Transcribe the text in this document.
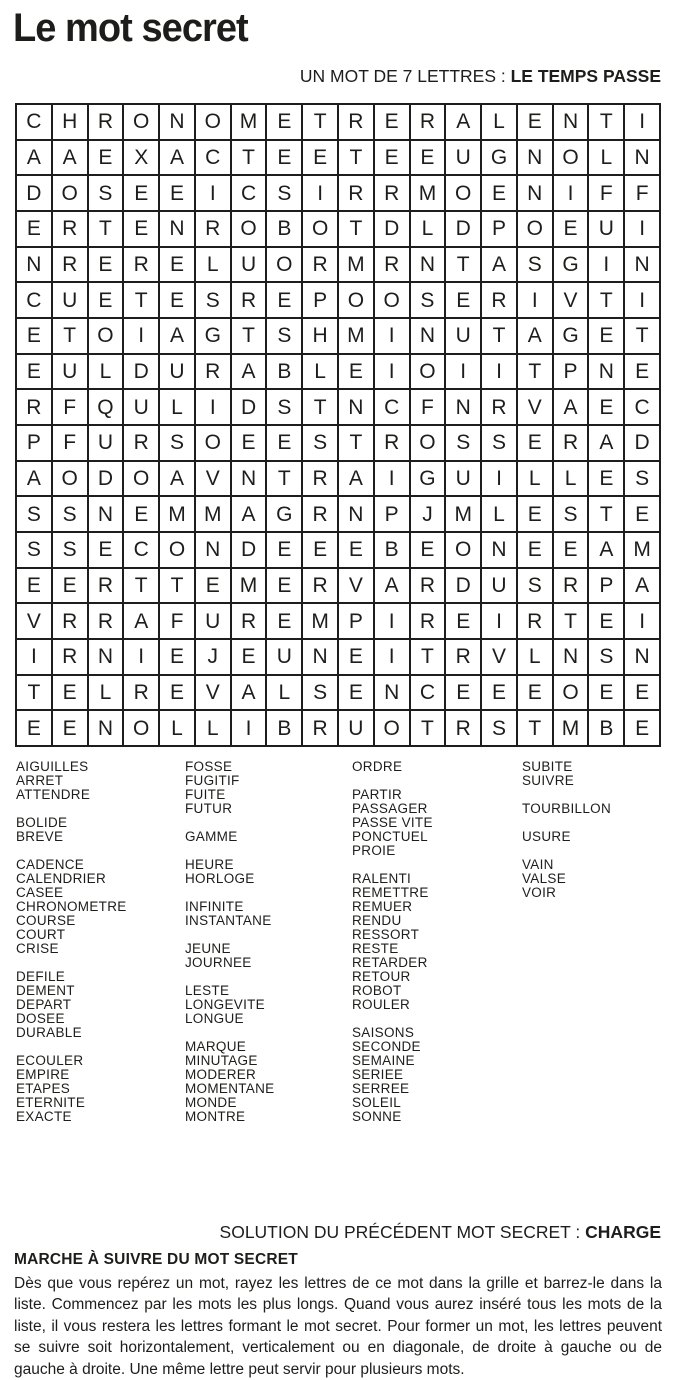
Le mot secret
UN MOT DE 7 LETTRES : LE TEMPS PASSE
C H R O N O M E	T	R	E	R	A	L	E	N	T	I
A	A	E	X	A	C	T	E	E	T	E	E	U G N O	L	N
D O S	E	E	I	C	S	I	R R M O E	N	I	F	F
E	R	T	E	N R O B O	T	D	L	D	P O E	U	I
N R	E	R	E	L	U O R M R N	T	A	S G	I	N
C U	E	T	E	S	R	E	P O O S	E	R	I	V	T	I
E	T	O	I	A G	T	S	H M	I	N U	T	A G E	T
E	U	L	D U R	A	B	L	E	I	O	I	I	T	P	N	E
R	F	Q U	L	I	D	S	T	N C	F	N R	V	A	E	C
P	F	U R	S O E	E	S	T	R O S	S	E	R	A	D
A O D O A	V	N	T	R	A	I	G U	I	L	L	E	S
S	S	N	E M M A G R N	P	J	M	L	E	S	T	E
S	S	E	C O N D	E	E	E	B	E O N	E	E	A M
E	E	R	T	T	E M E	R	V	A	R D U	S	R	P	A
V	R R	A	F	U R	E M P	I	R	E	I	R	T	E	I
I	R N	I	E	J	E	U N	E	I	T	R	V	L	N	S	N
T	E	L	R	E	V	A	L	S	E	N C	E	E	E O E	E
E	E	N O	L	L	I	B	R U O	T	R	S	T M B	E
AIGUILLES
ARRET
ATTENDRE

BOLIDE
BREVE

CADENCE
CALENDRIER
CASEE
CHRONOMETRE
COURSE
COURT
CRISE

DEFILE
DEMENT
DEPART
DOSEE
DURABLE

ECOULER
EMPIRE
ETAPES
ETERNITE
EXACTE
FOSSE
FUGITIF
FUITE
FUTUR

GAMME

HEURE
HORLOGE

INFINITE
INSTANTANE

JEUNE
JOURNEE

LESTE
LONGEVITE
LONGUE

MARQUE
MINUTAGE
MODERER
MOMENTANE
MONDE
MONTRE
ORDRE

PARTIR
PASSAGER
PASSE VITE
PONCTUEL
PROIE

RALENTI
REMETTRE
REMUER
RENDU
RESSORT
RESTE
RETARDER
RETOUR
ROBOT
ROULER

SAISONS
SECONDE
SEMAINE
SERIEE
SERREE
SOLEIL
SONNE
SUBITE
SUIVRE

TOURBILLON

USURE

VAIN
VALSE
VOIR
SOLUTION DU PRÉCÉDENT MOT SECRET : CHARGE
MARCHE À SUIVRE DU MOT SECRET
Dès que vous repérez un mot, rayez les lettres de ce mot dans la grille et barrez-le dans la liste. Commencez par les mots les plus longs. Quand vous aurez inséré tous les mots de la liste, il vous restera les lettres formant le mot secret. Pour former un mot, les lettres peuvent se suivre soit horizontalement, verticalement ou en diagonale, de droite à gauche ou de gauche à droite. Une même lettre peut servir pour plusieurs mots.
